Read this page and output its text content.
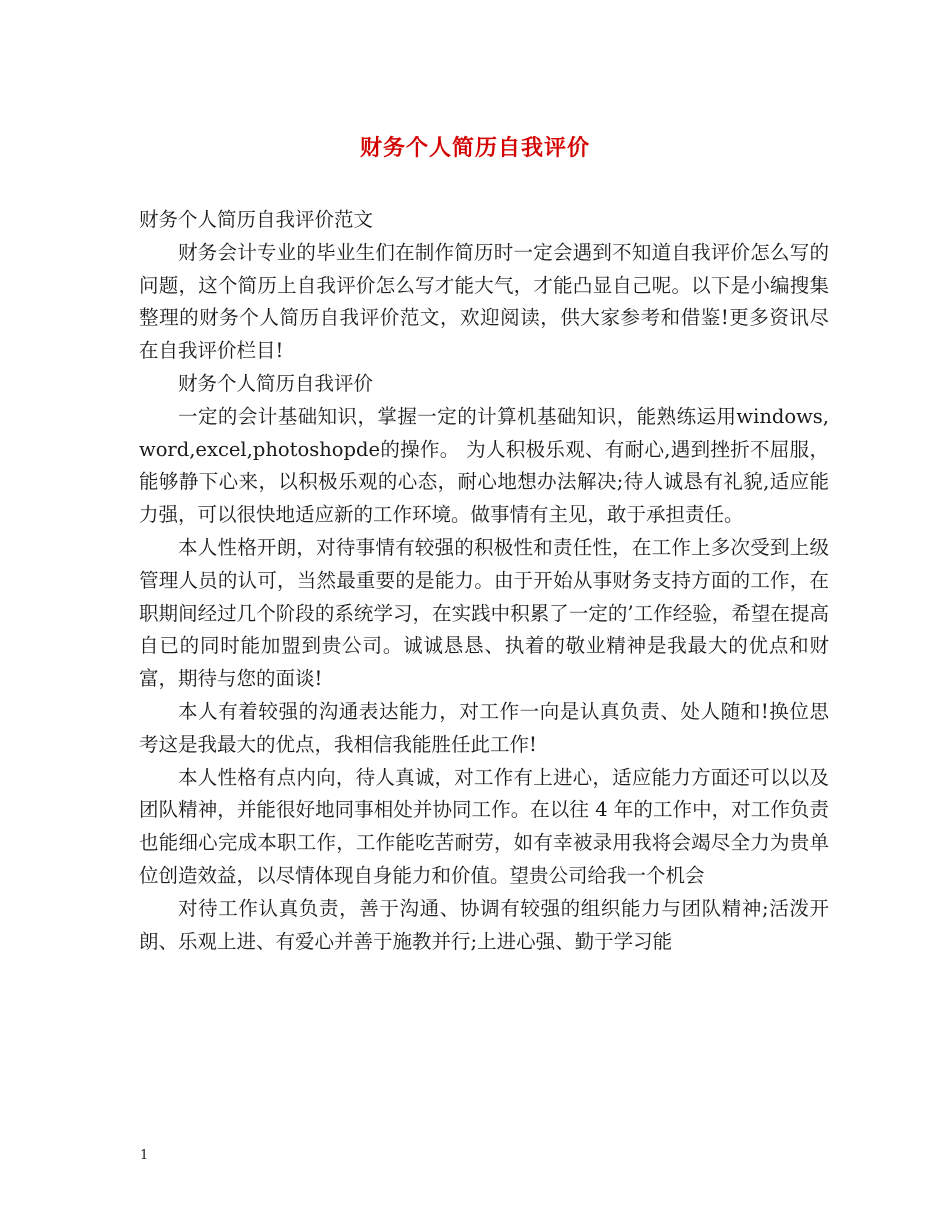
财务个人简历自我评价

财务个人简历自我评价范文

财务会计专业的毕业生们在制作简历时一定会遇到不知道自我评价怎么写的问题，这个简历上自我评价怎么写才能大气，才能凸显自己呢。以下是小编搜集整理的财务个人简历自我评价范文，欢迎阅读，供大家参考和借鉴!更多资讯尽在自我评价栏目!

财务个人简历自我评价

一定的会计基础知识，掌握一定的计算机基础知识，能熟练运用windows, word,excel,photoshopde的操作。 为人积极乐观、有耐心,遇到挫折不屈服，能够静下心来，以积极乐观的心态，耐心地想办法解决;待人诚恳有礼貌,适应能力强，可以很快地适应新的工作环境。做事情有主见，敢于承担责任。

本人性格开朗，对待事情有较强的积极性和责任性，在工作上多次受到上级管理人员的认可，当然最重要的是能力。由于开始从事财务支持方面的工作，在职期间经过几个阶段的系统学习，在实践中积累了一定的’工作经验，希望在提高自已的同时能加盟到贵公司。诚诚恳恳、执着的敬业精神是我最大的优点和财富，期待与您的面谈!

本人有着较强的沟通表达能力，对工作一向是认真负责、处人随和!换位思考这是我最大的优点，我相信我能胜任此工作!

本人性格有点内向，待人真诚，对工作有上进心，适应能力方面还可以以及团队精神，并能很好地同事相处并协同工作。在以往 4 年的工作中，对工作负责也能细心完成本职工作，工作能吃苦耐劳，如有幸被录用我将会竭尽全力为贵单位创造效益，以尽情体现自身能力和价值。望贵公司给我一个机会

对待工作认真负责，善于沟通、协调有较强的组织能力与团队精神;活泼开朗、乐观上进、有爱心并善于施教并行;上进心强、勤于学习能

1
